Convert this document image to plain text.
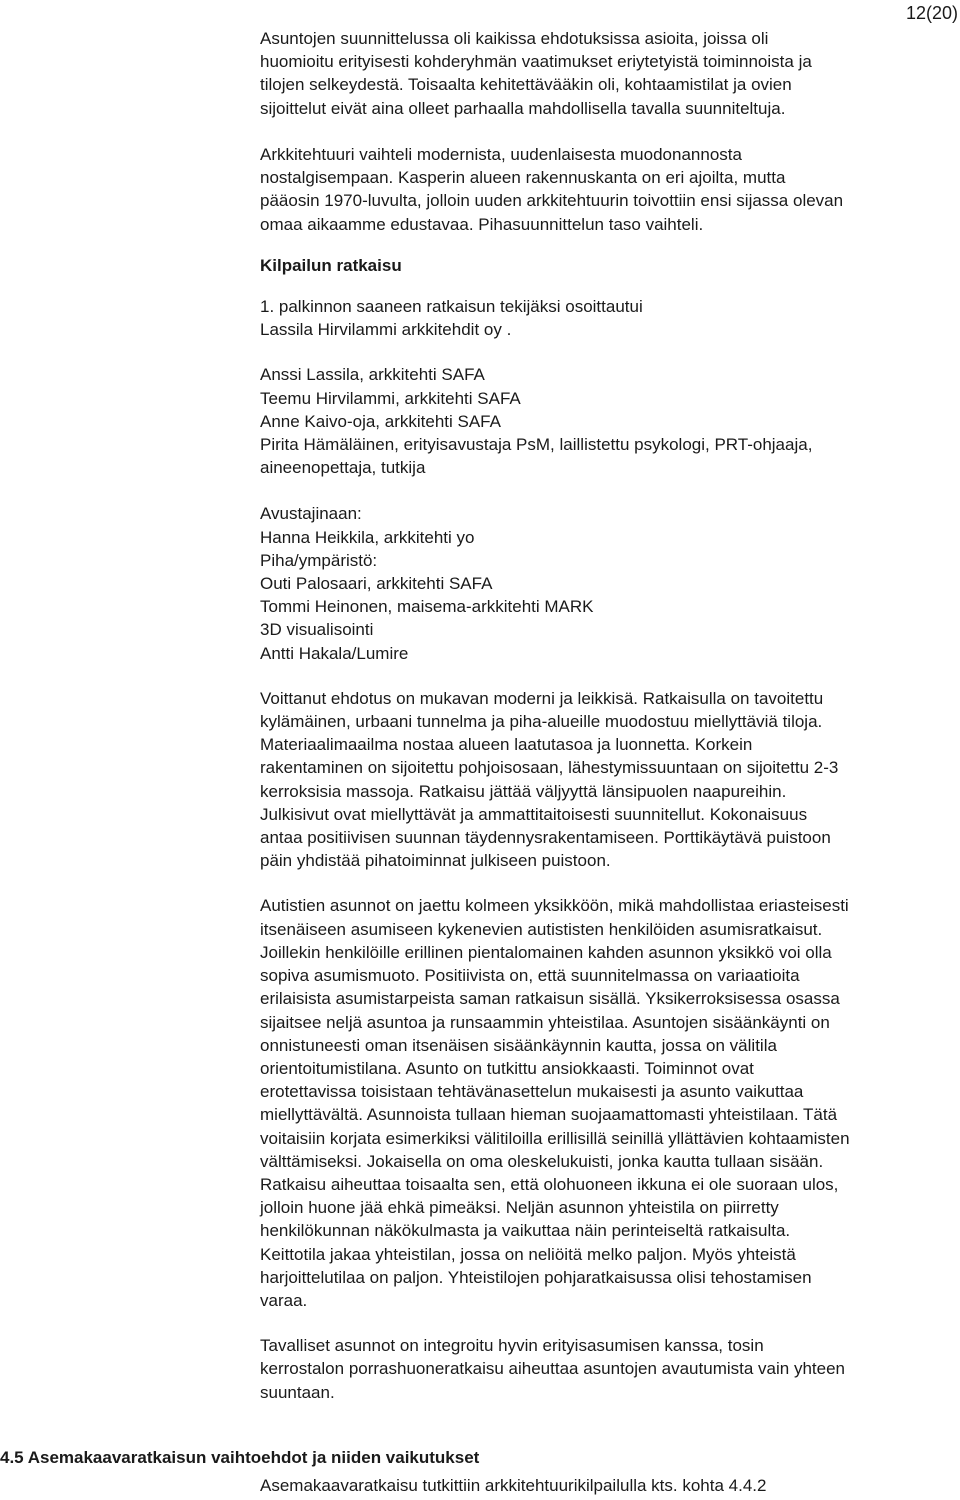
12(20)
Asuntojen suunnittelussa oli kaikissa ehdotuksissa asioita, joissa oli
huomioitu erityisesti kohderyhmän vaatimukset eriytetyistä toiminnoista ja
tilojen selkeydestä. Toisaalta kehitettävääkin oli, kohtaamistilat ja ovien
sijoittelut eivät aina olleet parhaalla mahdollisella tavalla suunniteltuja.
Arkkitehtuuri vaihteli modernista, uudenlaisesta muodonannosta
nostalgisempaan. Kasperin alueen rakennuskanta on eri ajoilta, mutta
pääosin 1970-luvulta, jolloin uuden arkkitehtuurin toivottiin ensi sijassa olevan
omaa aikaamme edustavaa. Pihasuunnittelun taso vaihteli.
Kilpailun ratkaisu
1. palkinnon saaneen ratkaisun tekijäksi osoittautui
Lassila Hirvilammi arkkitehdit oy .
Anssi Lassila, arkkitehti SAFA
Teemu Hirvilammi, arkkitehti SAFA
Anne Kaivo-oja, arkkitehti SAFA
Pirita Hämäläinen, erityisavustaja PsM, laillistettu psykologi, PRT-ohjaaja,
aineenopettaja, tutkija
Avustajinaan:
Hanna Heikkila, arkkitehti yo
Piha/ympäristö:
Outi Palosaari, arkkitehti SAFA
Tommi Heinonen, maisema-arkkitehti MARK
3D visualisointi
Antti Hakala/Lumire
Voittanut ehdotus on mukavan moderni ja leikkisä. Ratkaisulla on tavoitettu
kylämäinen, urbaani tunnelma ja piha-alueille muodostuu miellyttäviä tiloja.
Materiaalimaailma nostaa alueen laatutasoa ja luonnetta. Korkein
rakentaminen on sijoitettu pohjoisosaan, lähestymissuuntaan on sijoitettu 2-3
kerroksisia massoja. Ratkaisu jättää väljyyttä länsipuolen naapureihin.
Julkisivut ovat miellyttävät ja ammattitaitoisesti suunnitellut. Kokonaisuus
antaa positiivisen suunnan täydennysrakentamiseen. Porttikäytävä puistoon
päin yhdistää pihatoiminnat julkiseen puistoon.
Autistien asunnot on jaettu kolmeen yksikköön, mikä mahdollistaa eriasteisesti
itsenäiseen asumiseen kykenevien autististen henkilöiden asumisratkaisut.
Joillekin henkilöille erillinen pientalomainen kahden asunnon yksikkö voi olla
sopiva asumismuoto. Positiivista on, että suunnitelmassa on variaatioita
erilaisista asumistarpeista saman ratkaisun sisällä. Yksikerroksisessa osassa
sijaitsee neljä asuntoa ja runsaammin yhteistilaa. Asuntojen sisäänkäynti on
onnistuneesti oman itsenäisen sisäänkäynnin kautta, jossa on välitila
orientoitumistilana. Asunto on tutkittu ansiokkaasti. Toiminnot ovat
erotettavissa toisistaan tehtävänasettelun mukaisesti ja asunto vaikuttaa
miellyttävältä. Asunnoista tullaan hieman suojaamattomasti yhteistilaan. Tätä
voitaisiin korjata esimerkiksi välitiloilla erillisillä seinillä yllättävien kohtaamisten
välttämiseksi. Jokaisella on oma oleskelukuisti, jonka kautta tullaan sisään.
Ratkaisu aiheuttaa toisaalta sen, että olohuoneen ikkuna ei ole suoraan ulos,
jolloin huone jää ehkä pimeäksi. Neljän asunnon yhteistila on piirretty
henkilökunnan näkökulmasta ja vaikuttaa näin perinteiseltä ratkaisulta.
Keittotila jakaa yhteistilan, jossa on neliöitä melko paljon. Myös yhteistä
harjoittelutilaa on paljon. Yhteistilojen pohjaratkaisussa olisi tehostamisen
varaa.
Tavalliset asunnot on integroitu hyvin erityisasumisen kanssa, tosin
kerrostalon porrashuoneratkaisu aiheuttaa asuntojen avautumista vain yhteen
suuntaan.
4.5 Asemakaavaratkaisun vaihtoehdot ja niiden vaikutukset
Asemakaavaratkaisu tutkittiin arkkitehtuurikilpailulla kts. kohta 4.4.2
